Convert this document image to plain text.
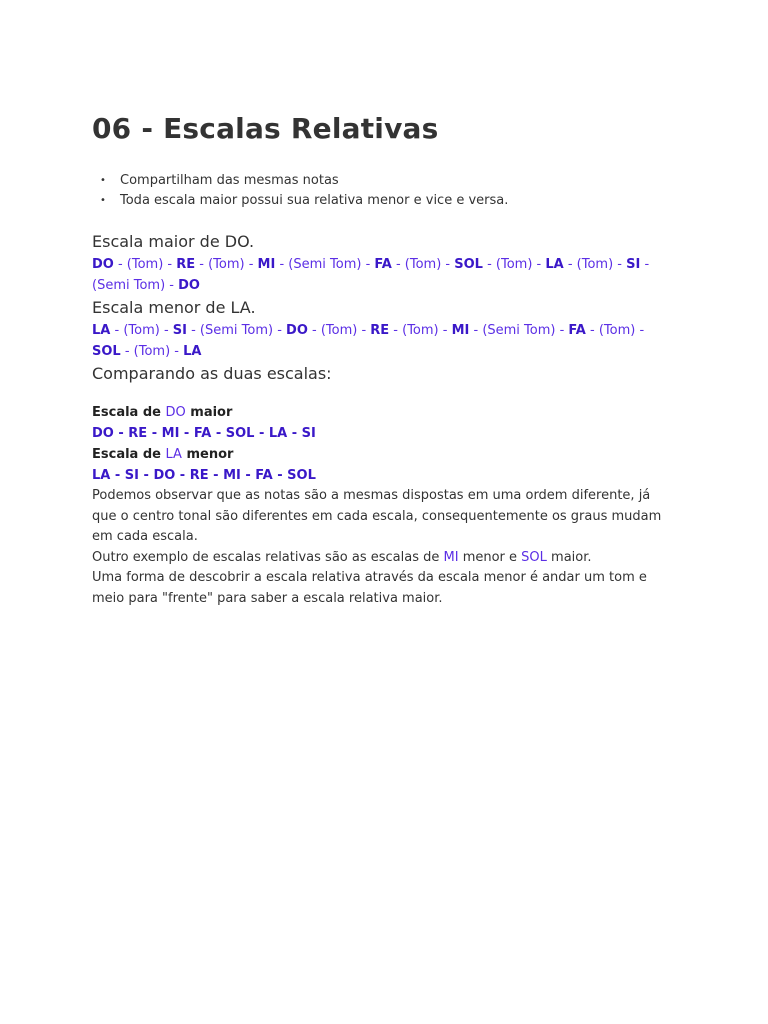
06 - Escalas Relativas
• Compartilham das mesmas notas
• Toda escala maior possui sua relativa menor e vice e versa.

Escala maior de DO.

DO - (Tom) - RE - (Tom) - MI - (Semi Tom) - FA - (Tom) - SOL - (Tom) - LA - (Tom) - SI - (Semi Tom) - DO

Escala menor de LA.

LA - (Tom) - SI - (Semi Tom) - DO - (Tom) - RE - (Tom) - MI - (Semi Tom) - FA - (Tom) - SOL - (Tom) - LA

Comparando as duas escalas:

Escala de DO maior

DO - RE - MI - FA - SOL - LA - SI

Escala de LA menor

LA - SI - DO - RE - MI - FA - SOL

Podemos observar que as notas são a mesmas dispostas em uma ordem diferente, já que o centro tonal são diferentes em cada escala, consequentemente os graus mudam em cada escala.

Outro exemplo de escalas relativas são as escalas de MI menor e SOL maior.

Uma forma de descobrir a escala relativa através da escala menor é andar um tom e meio para "frente" para saber a escala relativa maior.
